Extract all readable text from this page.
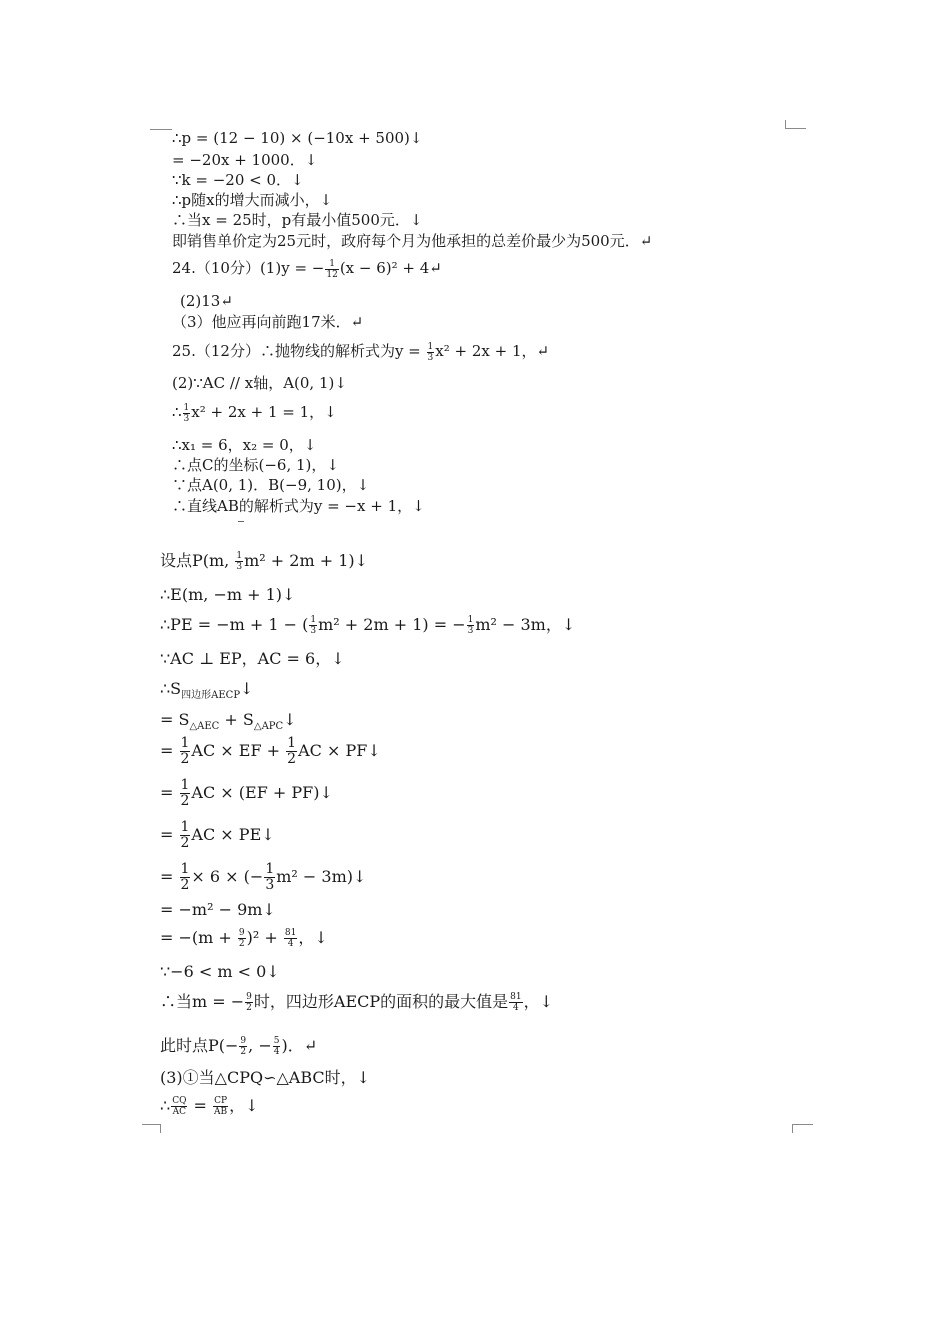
∴p = (12 − 10) × (−10x + 500)↓
= −20x + 1000．↓
∵k = −20 < 0．↓
∴p随x的增大而减小，↓
∴当x = 25时，p有最小值500元．↓
即销售单价定为25元时，政府每个月为他承担的总差价最少为500元．↵
24.（10分）(1)y = − $\frac{1}{12} (x - 6)^2$ + 4↵
(2)13↵
（3）他应再向前跑17米．↵
25.（12分）∴抛物线的解析式为$y = \frac{1}{3} x^2 + 2x + 1$，↵
(2)∵AC // x轴，A(0, 1)↓
∴ $\frac{1}{3} x^2 + 2x + 1 = 1$，↓
∴x₁ = 6，x₂ = 0，↓
∴点C的坐标(−6, 1)，↓
∵点A(0, 1)．B(−9, 10)，↓
∴直线AB的解析式为y = −x + 1，↓
设点P(m, $\frac{1}{3} m^2 + 2m$ + 1)↓
∴E(m, −m + 1)↓
∴PE = −m + 1 − ( $\frac{1}{3} m^2 + 2m + 1$) = − $\frac{1}{3} m^2 - 3m$，↓
∵AC ⊥ EP，AC = 6，↓
$\therefore S_{四边形AECP}↓$
= $S_{\triangle AEC}$ + $S_{\triangle APC}↓$
= $\frac{1}{2}$ AC × EF + $\frac{1}{2}$ AC × PF↓
= $\frac{1}{2}$ AC × (EF + PF)↓
= $\frac{1}{2}$ AC × PE↓
= $\frac{1}{2} \times 6$ × (− $\frac{1}{3} m^2$ − 3m)↓
= −m² − 9m↓
= $-(m + \frac{9}{2} )^2 + \frac{81}{4}$ ，↓
∵−6 < m < 0↓
∴当m = − $\frac{9}{2}$ 时，四边形AECP的面积的最大值是 $\frac{81}{4}$ ，↓
此时点$P(- \frac{9}{2}$ , − $\frac{5}{4}$ )．↵
(3)①当△CPQ∽△ABC时，↓
∴ $\frac{CQ}{AC} = \frac{CP}{AB}$ ，↓
